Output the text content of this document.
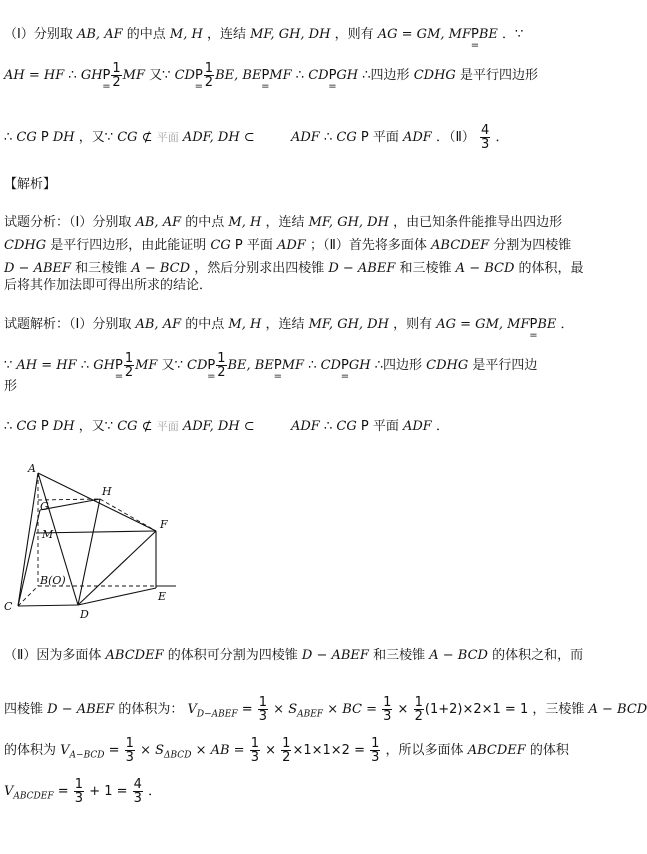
（Ⅰ）分别取 AB, AF 的中点 M, H ，连结 MF, GH, DH ，则有 AG = GM, MFP
=
BE ．∵
AH = HF ∴ GHP
= $\frac{1}{2}$ MF 又∵ CDP
= $\frac{1}{2}$ BE, BEP
=
MF ∴ CDP
=
GH ∴四边形 CDHG 是平行四边形
∴ CG P DH ，又∵ CG ⊄ 平面 ADF, DH ⊂	ADF ∴ CG P 平面 ADF ．（Ⅱ） $\frac{4}{3}$ ．
【解析】
试题分析：（Ⅰ）分别取 AB, AF 的中点 M, H ，连结 MF, GH, DH ，由已知条件能推导出四边形
CDHG 是平行四边形，由此能证明 CG P 平面 ADF ；（Ⅱ）首先将多面体 ABCDEF 分割为四棱锥
D − ABEF 和三棱锥 A − BCD ，然后分别求出四棱锥 D − ABEF 和三棱锥 A − BCD 的体积，最
后将其作加法即可得出所求的结论．
试题解析：（Ⅰ）分别取 AB, AF 的中点 M, H ，连结 MF, GH, DH ，则有 AG = GM, MFP
=
BE ．
∵ AH = HF ∴ GHP
= $\frac{1}{2}$ MF 又∵ CDP
= $\frac{1}{2}$ BE, BEP
=
MF ∴ CDP
=
GH ∴四边形 CDHG 是平行四边
形
∴ CG P DH ，又∵ CG ⊄ 平面 ADF, DH ⊂	ADF ∴ CG P 平面 ADF ．
A
G
M
H
F
B(O)
C
D
E
（Ⅱ）因为多面体 ABCDEF 的体积可分割为四棱锥 D − ABEF 和三棱锥 A − BCD 的体积之和，而
四棱锥 D − ABEF 的体积为： $V_{D-ABEF} = \frac{1}{3} \times S_{ABEF}$ × BC = $\frac{1}{3} \times \frac{1}{2} (1+2)\times 2\times 1 = 1$ ，三棱锥 A − BCD
的体积为 $V_{A-BCD} = \frac{1}{3} \times S_{\Delta BCD}$ × AB = $\frac{1}{3} \times \frac{1}{2} \times 1\times 1\times 2 = \frac{1}{3}$ ，所以多面体 ABCDEF 的体积
$V_{ABCDEF} = \frac{1}{3} + 1 = \frac{4}{3}$ ．
